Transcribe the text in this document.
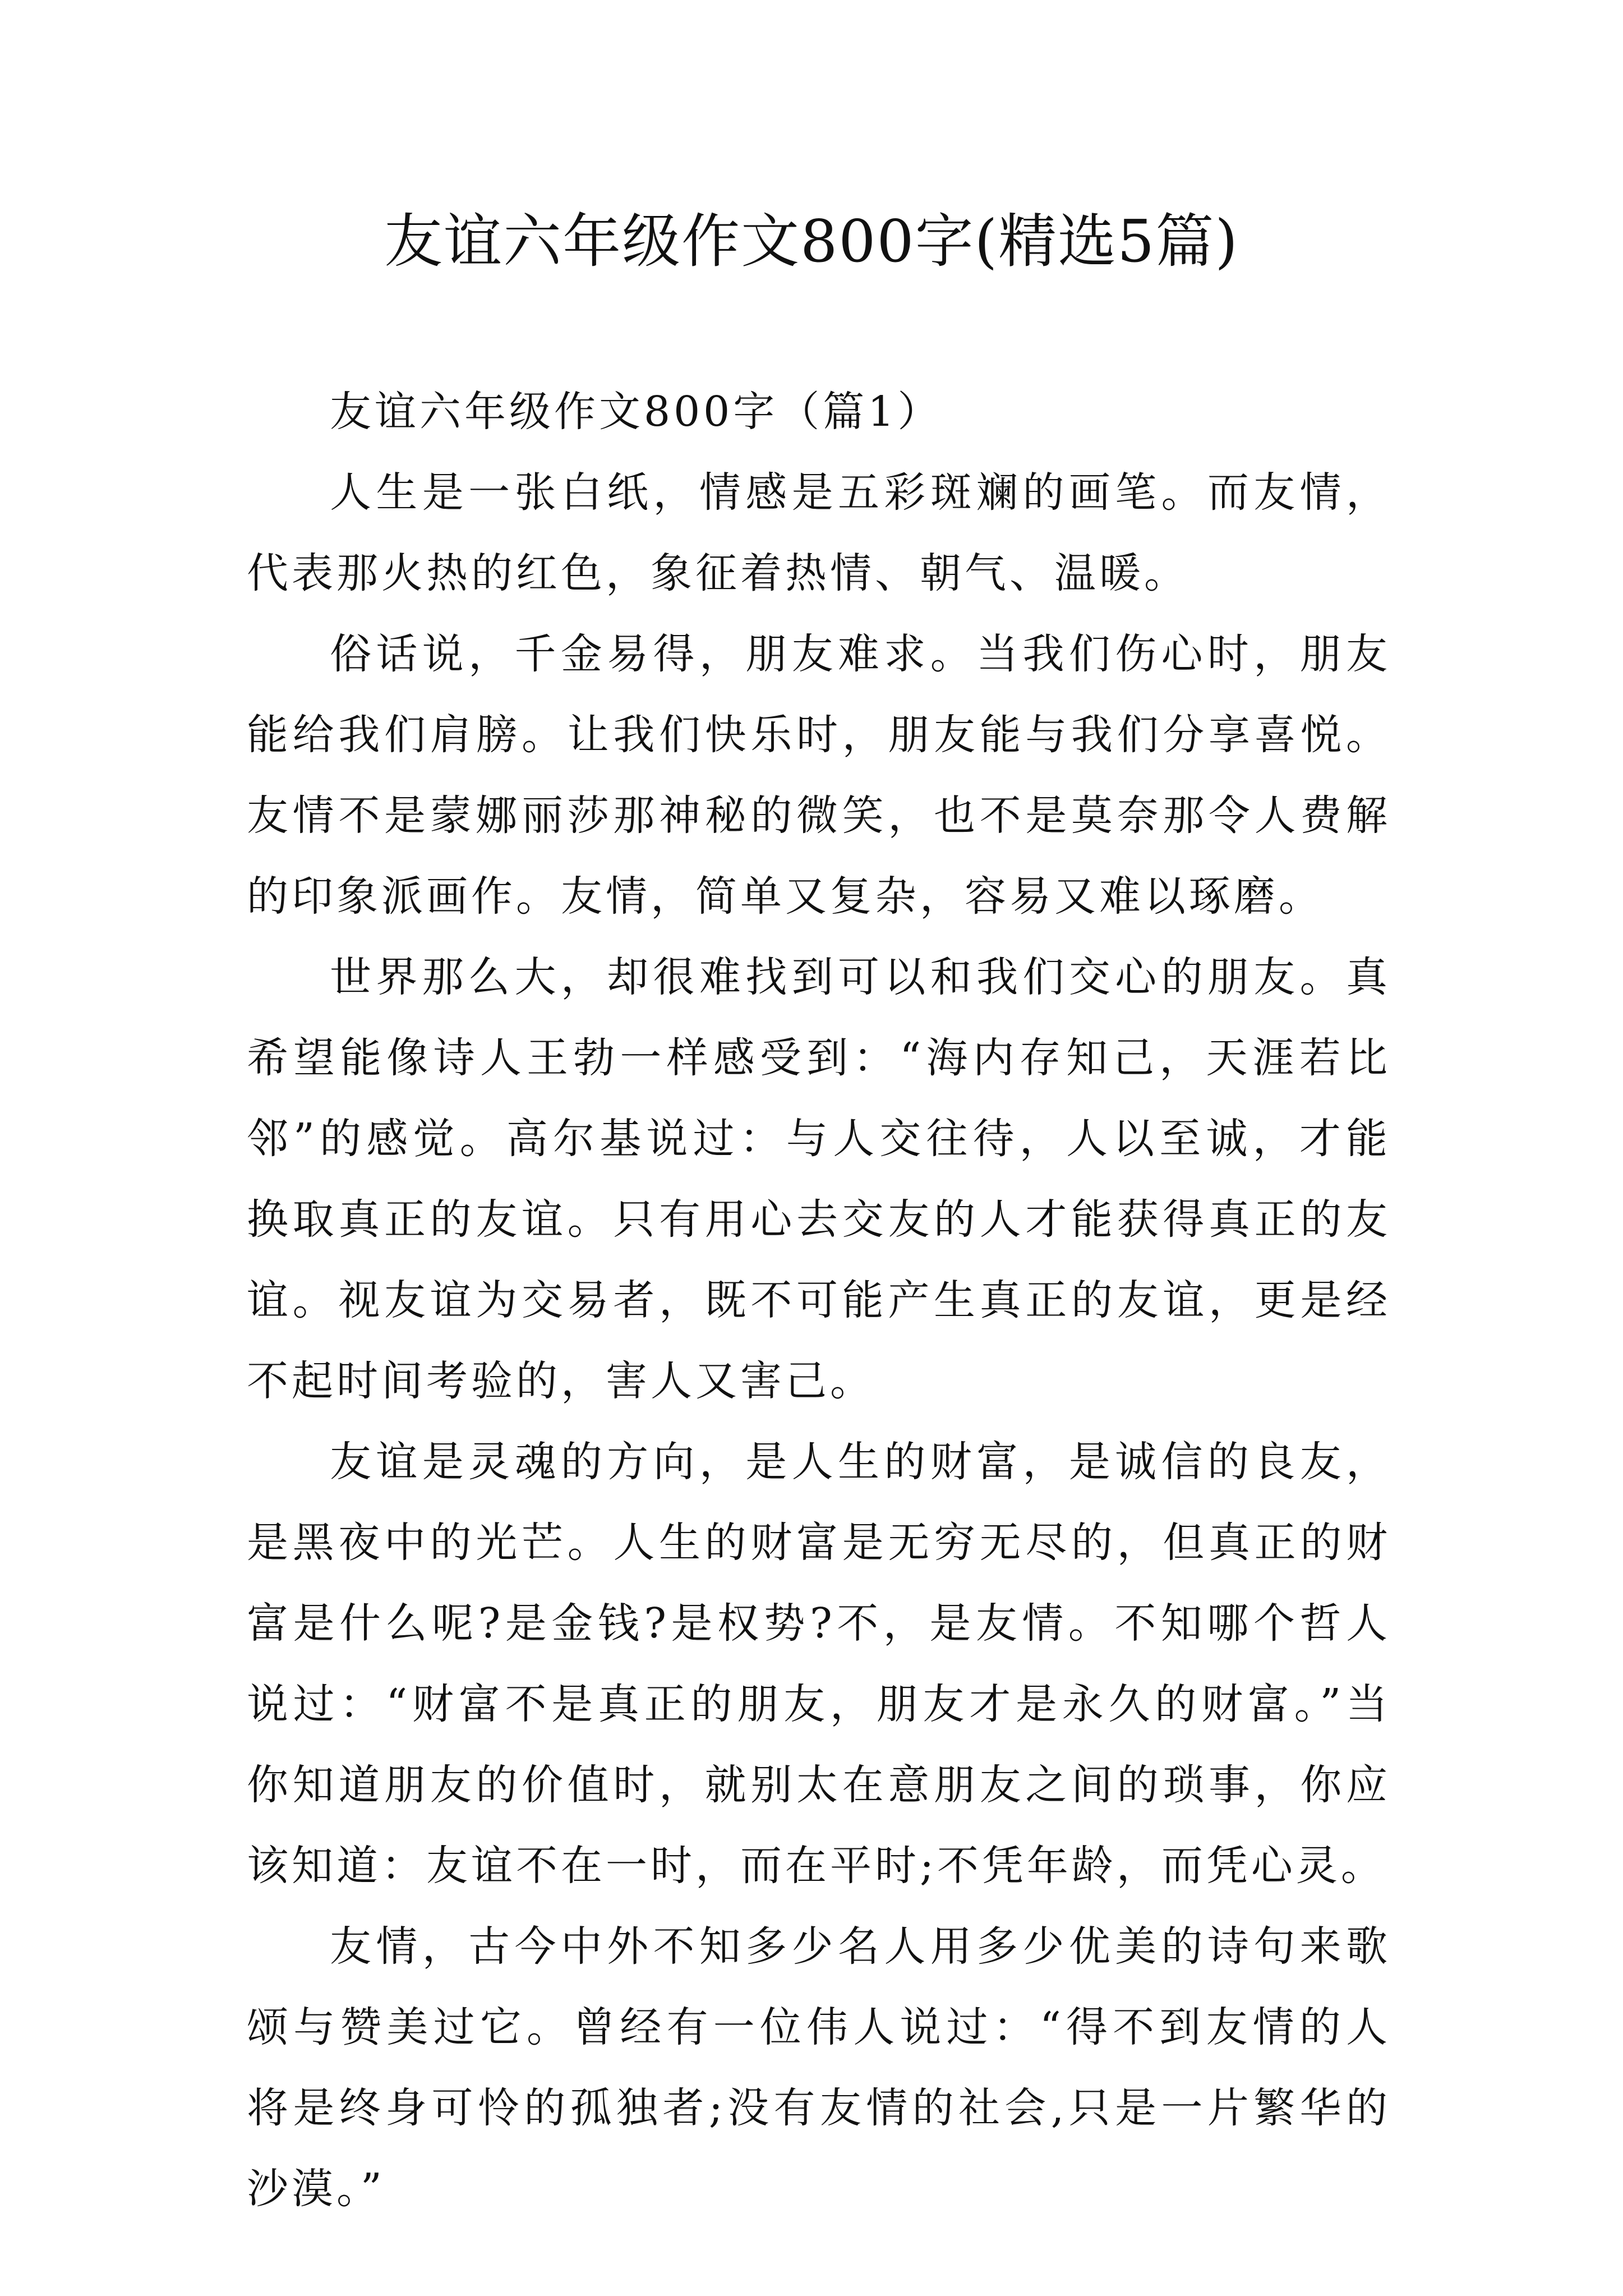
友谊六年级作文800字(精选5篇)

友谊六年级作文800字（篇1）

人生是一张白纸，情感是五彩斑斓的画笔。而友情，代表那火热的红色，象征着热情、朝气、温暖。

俗话说，千金易得，朋友难求。当我们伤心时，朋友能给我们肩膀。让我们快乐时，朋友能与我们分享喜悦。友情不是蒙娜丽莎那神秘的微笑，也不是莫奈那令人费解的印象派画作。友情，简单又复杂，容易又难以琢磨。

世界那么大，却很难找到可以和我们交心的朋友。真希望能像诗人王勃一样感受到：“海内存知己，天涯若比邻”的感觉。高尔基说过：与人交往待，人以至诚，才能换取真正的友谊。只有用心去交友的人才能获得真正的友谊。视友谊为交易者，既不可能产生真正的友谊，更是经不起时间考验的，害人又害己。

友谊是灵魂的方向，是人生的财富，是诚信的良友，是黑夜中的光芒。人生的财富是无穷无尽的，但真正的财富是什么呢?是金钱?是权势?不，是友情。不知哪个哲人说过：“财富不是真正的朋友，朋友才是永久的财富。”当你知道朋友的价值时，就别太在意朋友之间的琐事，你应该知道：友谊不在一时，而在平时;不凭年龄，而凭心灵。

友情，古今中外不知多少名人用多少优美的诗句来歌颂与赞美过它。曾经有一位伟人说过：“得不到友情的人将是终身可怜的孤独者;没有友情的社会,只是一片繁华的沙漠。”
